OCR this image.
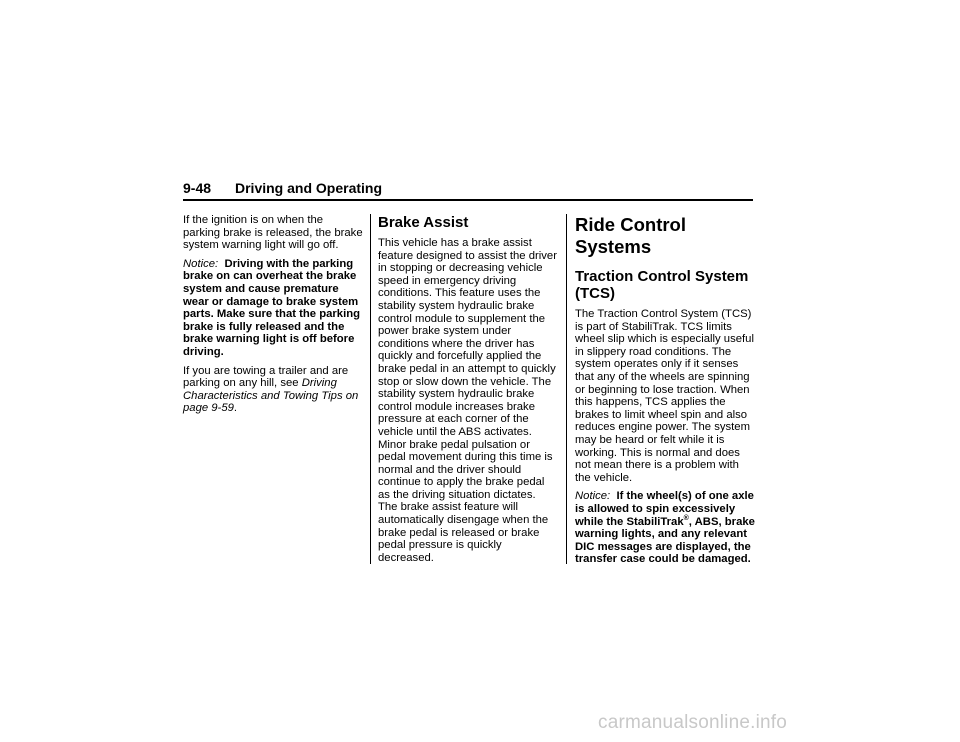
9-48 Driving and Operating

If the ignition is on when the parking brake is released, the brake system warning light will go off.

Notice: Driving with the parking brake on can overheat the brake system and cause premature wear or damage to brake system parts. Make sure that the parking brake is fully released and the brake warning light is off before driving.

If you are towing a trailer and are parking on any hill, see Driving Characteristics and Towing Tips on page 9-59.

Brake Assist

This vehicle has a brake assist feature designed to assist the driver in stopping or decreasing vehicle speed in emergency driving conditions. This feature uses the stability system hydraulic brake control module to supplement the power brake system under conditions where the driver has quickly and forcefully applied the brake pedal in an attempt to quickly stop or slow down the vehicle. The stability system hydraulic brake control module increases brake pressure at each corner of the vehicle until the ABS activates. Minor brake pedal pulsation or pedal movement during this time is normal and the driver should continue to apply the brake pedal as the driving situation dictates. The brake assist feature will automatically disengage when the brake pedal is released or brake pedal pressure is quickly decreased.

Ride Control Systems
Traction Control System (TCS)

The Traction Control System (TCS) is part of StabiliTrak. TCS limits wheel slip which is especially useful in slippery road conditions. The system operates only if it senses that any of the wheels are spinning or beginning to lose traction. When this happens, TCS applies the brakes to limit wheel spin and also reduces engine power. The system may be heard or felt while it is working. This is normal and does not mean there is a problem with the vehicle.

Notice: If the wheel(s) of one axle is allowed to spin excessively while the StabiliTrak®, ABS, brake warning lights, and any relevant DIC messages are displayed, the transfer case could be damaged.

carmanualsonline.info
